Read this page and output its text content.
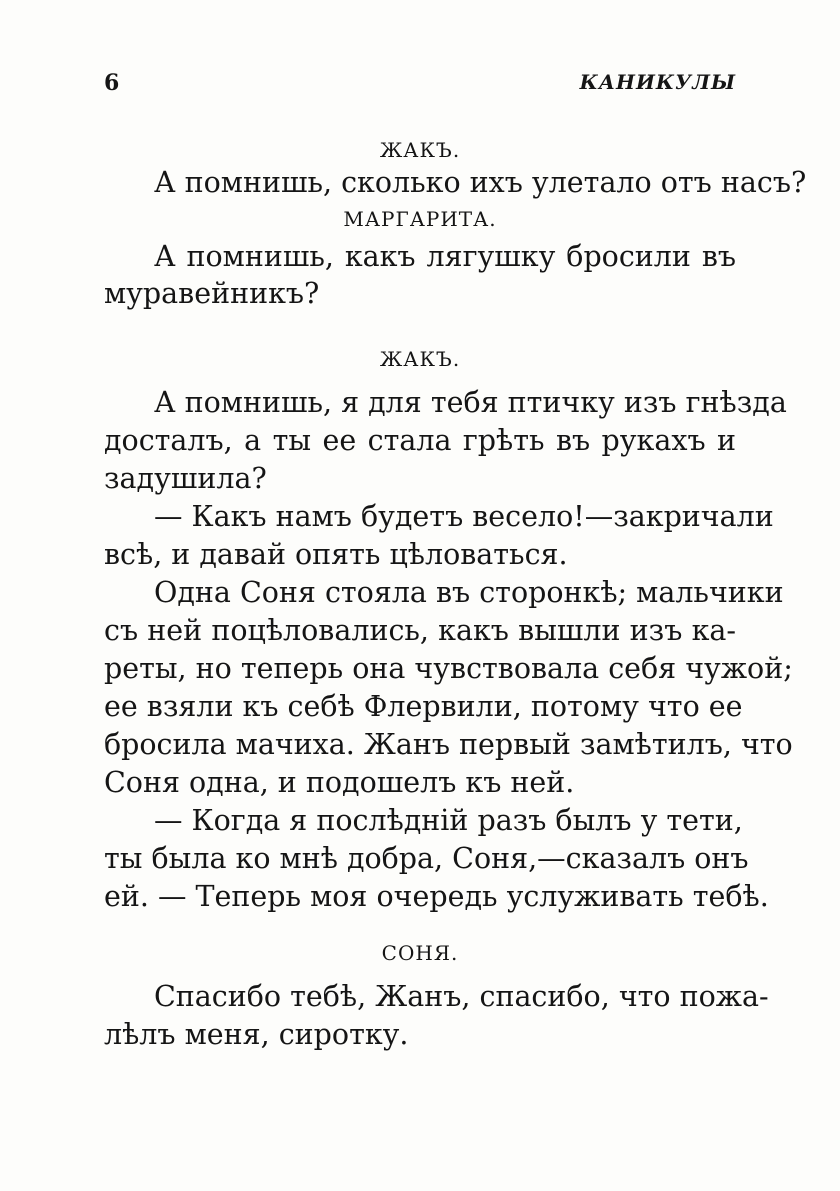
6	КАНИКУЛЫ
ЖАКЪ.
А помнишь, сколько ихъ улетало отъ насъ?
МАРГАРИТА.
А помнишь, какъ лягушку бросили въ
муравейникъ?
ЖАКЪ.
А помнишь, я для тебя птичку изъ гнѣзда
досталъ, а ты ее стала грѣть въ рукахъ и
задушила?
— Какъ намъ будетъ весело!—закричали
всѣ, и давай опять цѣловаться.
Одна Соня стояла въ сторонкѣ; мальчики
съ ней поцѣловались, какъ вышли изъ ка-
реты, но теперь она чувствовала себя чужой;
ее взяли къ себѣ Флервили, потому что ее
бросила мачиха. Жанъ первый замѣтилъ, что
Соня одна, и подошелъ къ ней.
— Когда я послѣднiй разъ былъ у тети,
ты была ко мнѣ добра, Соня,—сказалъ онъ
ей. — Теперь моя очередь услуживать тебѣ.
СОНЯ.
Спасибо тебѣ, Жанъ, спасибо, что пожа-
лѣлъ меня, сиротку.
